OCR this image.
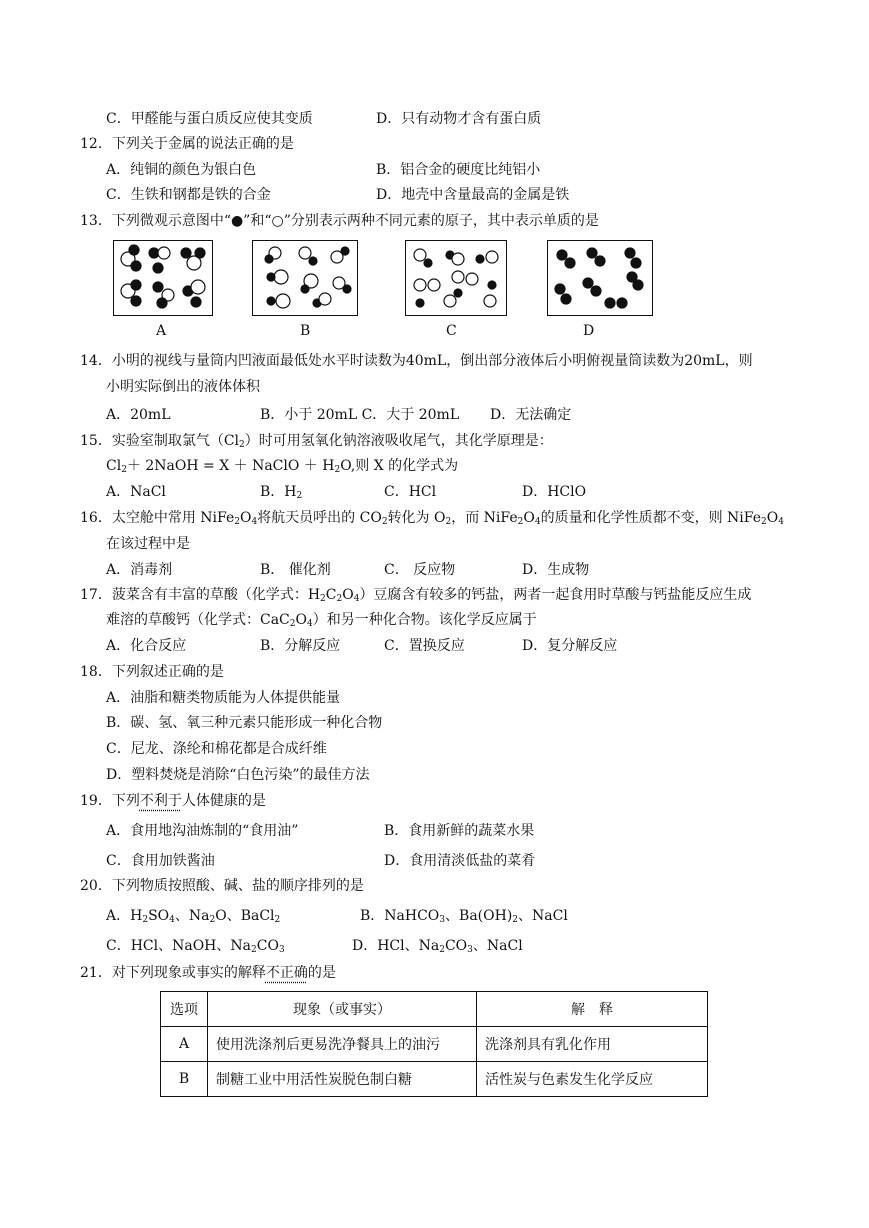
C．甲醛能与蛋白质反应使其变质	D．只有动物才含有蛋白质
12．下列关于金属的说法正确的是
A．纯铜的颜色为银白色	B．铝合金的硬度比纯铝小
C．生铁和钢都是铁的合金	D．地壳中含量最高的金属是铁
13．下列微观示意图中“●”和“○”分别表示两种不同元素的原子，其中表示单质的是
A	B	C	D
14．小明的视线与量筒内凹液面最低处水平时读数为40mL，倒出部分液体后小明俯视量筒读数为20mL，则
小明实际倒出的液体体积
A．20mL	B．小于 20mL C．大于 20mL D．无法确定
15．实验室制取氯气$(Cl_2)$时可用氢氧化钠溶液吸收尾气，其化学原理是：
$Cl_2+$ 2NaOH = X ＋ NaClO ＋ $H_2O$,则 X 的化学式为
A．NaCl	B．$H_2$	C．HCl	D．HClO
16．太空舱中常用 $NiFe_2O_4$将航天员呼出的 $CO_2$转化为 $O_2$，而 $NiFe_2O_4$的质量和化学性质都不变，则 $NiFe_2O_4$
在该过程中是
A．消毒剂	B． 催化剂	C． 反应物	D．生成物
17．菠菜含有丰富的草酸（化学式：$H_2C_2O_4$）豆腐含有较多的钙盐，两者一起食用时草酸与钙盐能反应生成
难溶的草酸钙（化学式：$CaC_2O_4$）和另一种化合物。该化学反应属于
A．化合反应	B．分解反应	C．置换反应	D．复分解反应
18．下列叙述正确的是
A．油脂和糖类物质能为人体提供能量
B．碳、氢、氧三种元素只能形成一种化合物
C．尼龙、涤纶和棉花都是合成纤维
D．塑料焚烧是消除“白色污染”的最佳方法
19．下列不利于人体健康的是
A．食用地沟油炼制的“食用油”	B．食用新鲜的蔬菜水果
C．食用加铁酱油	D．食用清淡低盐的菜肴
20．下列物质按照酸、碱、盐的顺序排列的是
A．$H_2SO_4$、$Na_2O$、BaCl$_2$	B．NaHCO$_3$、$Ba(OH)_2$、NaCl
C．HCl、NaOH、$Na_2CO_3$	D．HCl、$Na_2CO_3$、NaCl
21．对下列现象或事实的解释不正确的是
选项	现象（或事实）	解　释
A	使用洗涤剂后更易洗净餐具上的油污	洗涤剂具有乳化作用
B	制糖工业中用活性炭脱色制白糖	活性炭与色素发生化学反应
